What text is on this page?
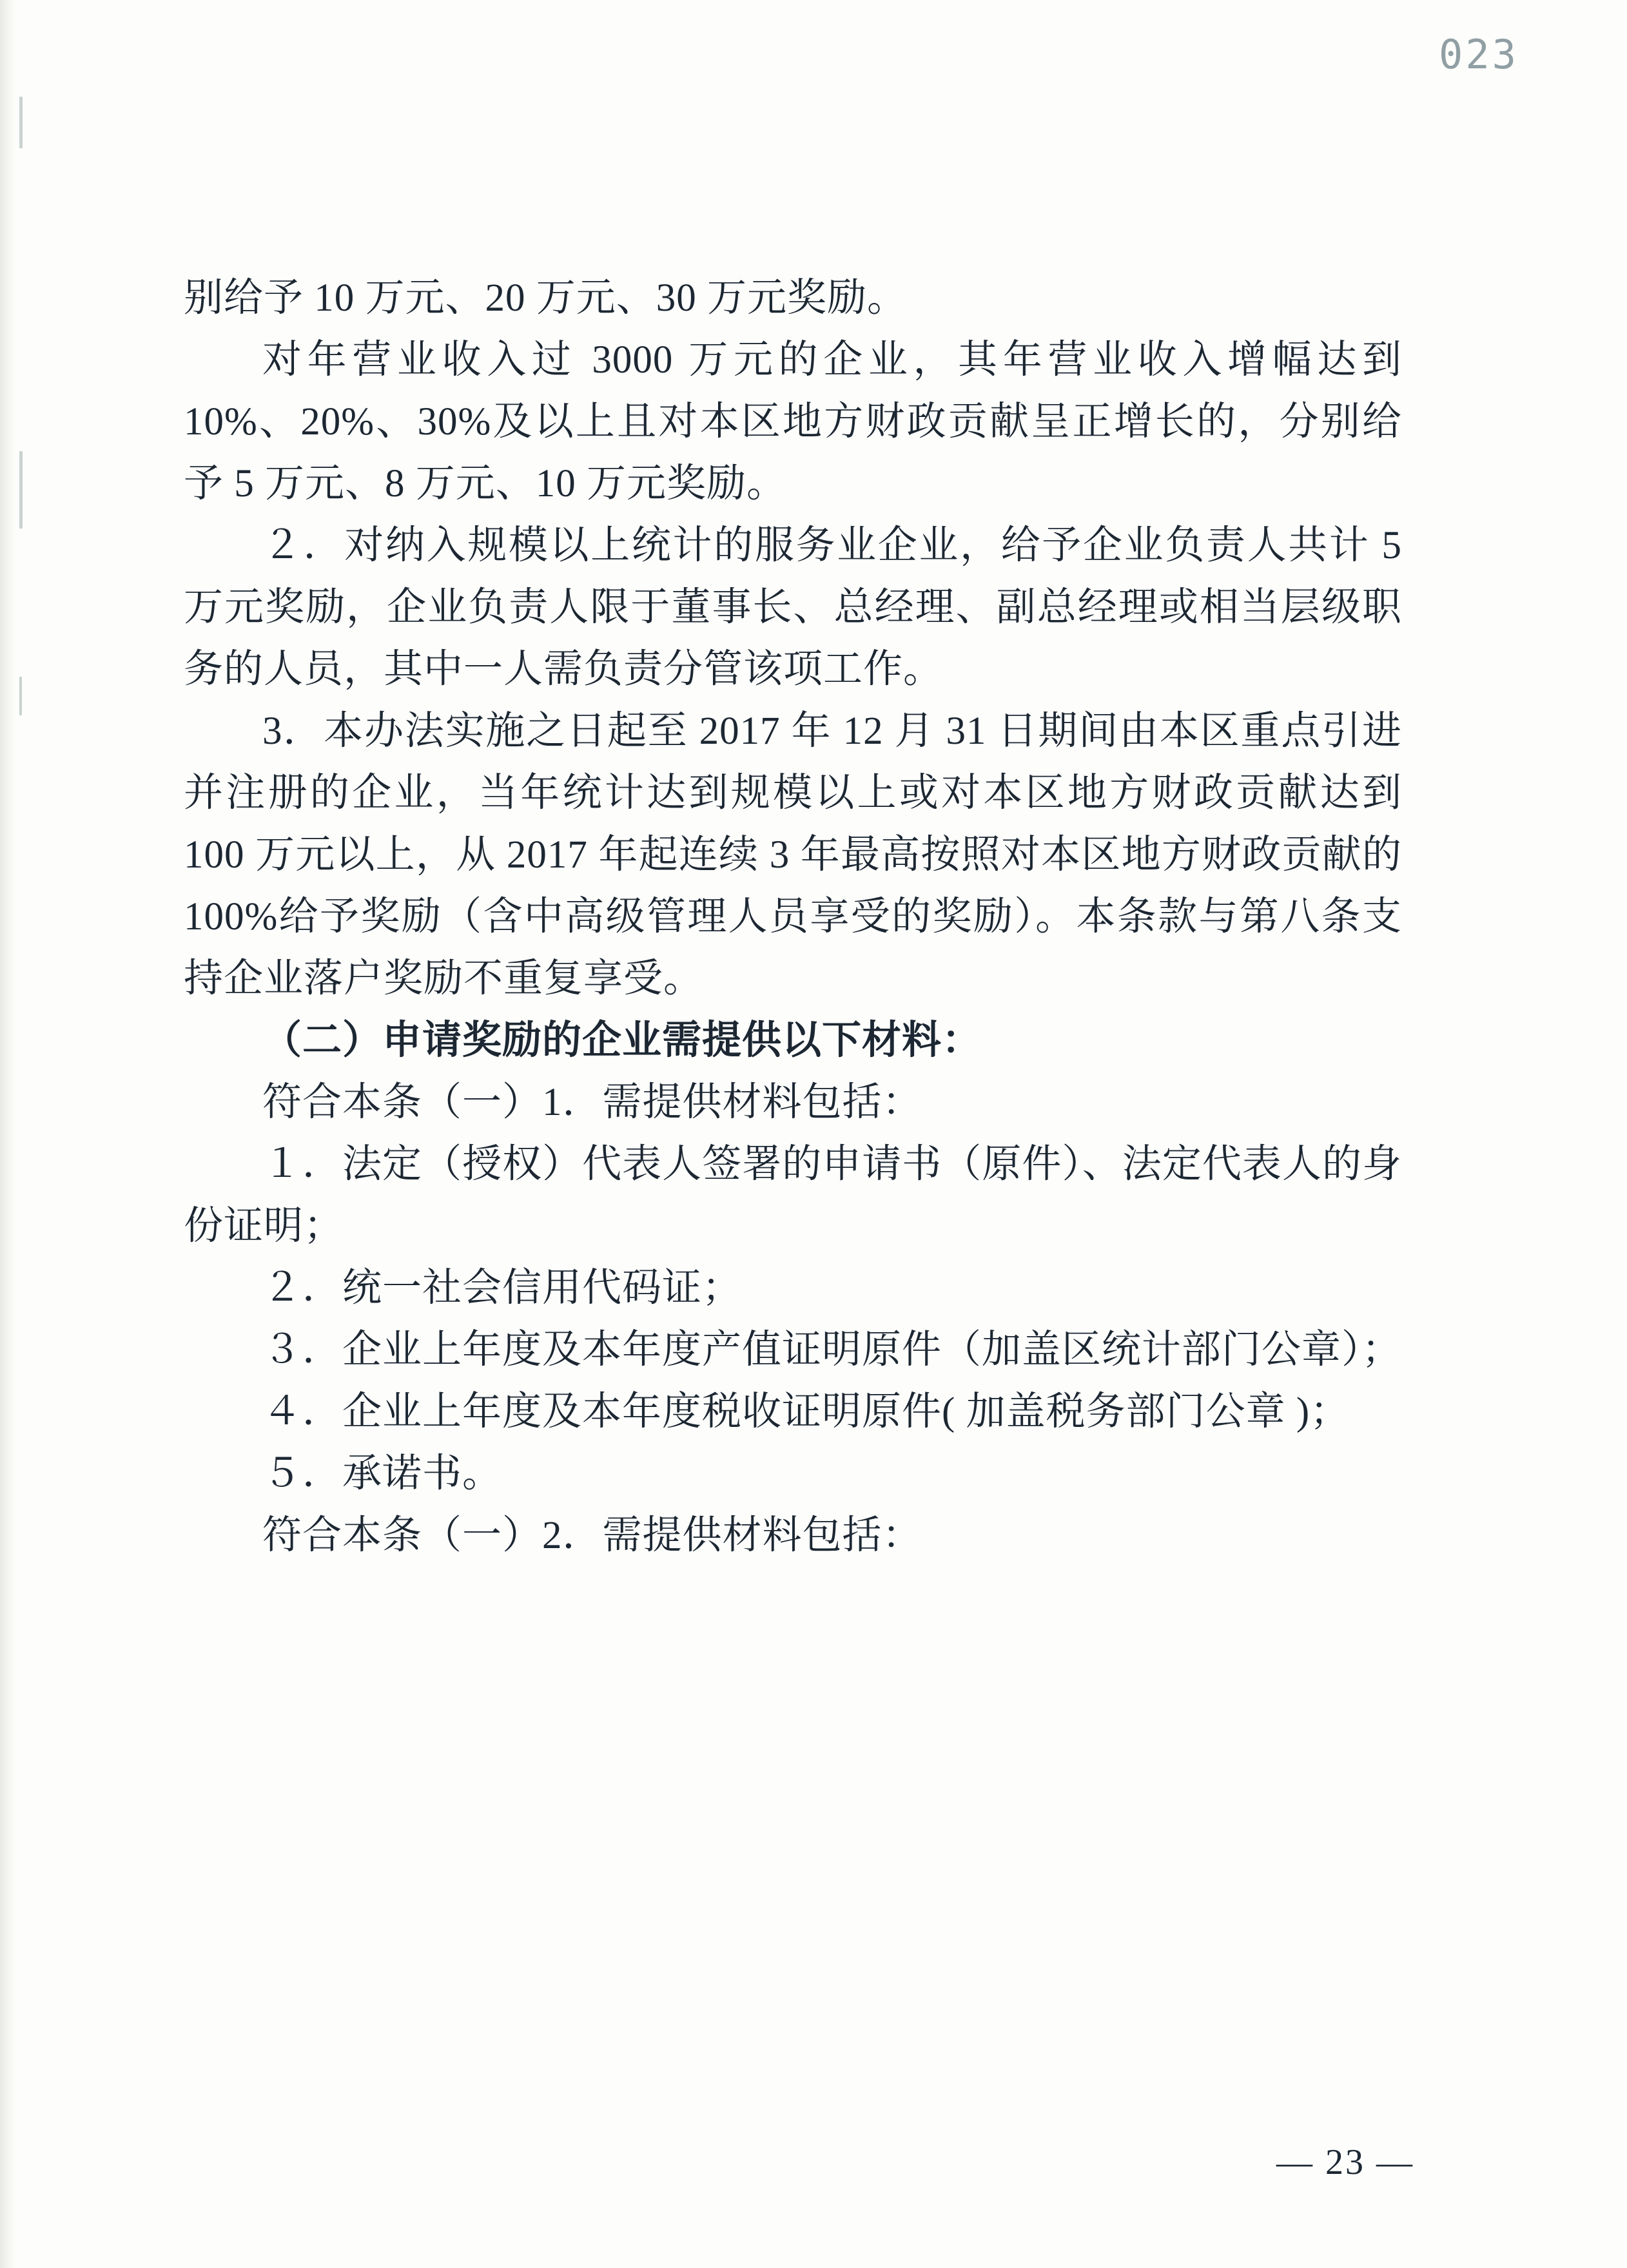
023

别给予 10 万元、20 万元、30 万元奖励。

对年营业收入过 3000 万元的企业，其年营业收入增幅达到 10%、20%、30%及以上且对本区地方财政贡献呈正增长的，分别给予 5 万元、8 万元、10 万元奖励。

２．对纳入规模以上统计的服务业企业，给予企业负责人共计 5 万元奖励，企业负责人限于董事长、总经理、副总经理或相当层级职务的人员，其中一人需负责分管该项工作。

3．本办法实施之日起至 2017 年 12 月 31 日期间由本区重点引进并注册的企业，当年统计达到规模以上或对本区地方财政贡献达到 100 万元以上，从 2017 年起连续 3 年最高按照对本区地方财政贡献的 100%给予奖励（含中高级管理人员享受的奖励）。本条款与第八条支持企业落户奖励不重复享受。

（二）申请奖励的企业需提供以下材料：

符合本条（一）1．需提供材料包括：

１．法定（授权）代表人签署的申请书（原件）、法定代表人的身份证明；

２．统一社会信用代码证；

３．企业上年度及本年度产值证明原件（加盖区统计部门公章）；

４．企业上年度及本年度税收证明原件( 加盖税务部门公章 )；

５．承诺书。

符合本条（一）2．需提供材料包括：

— 23 —
